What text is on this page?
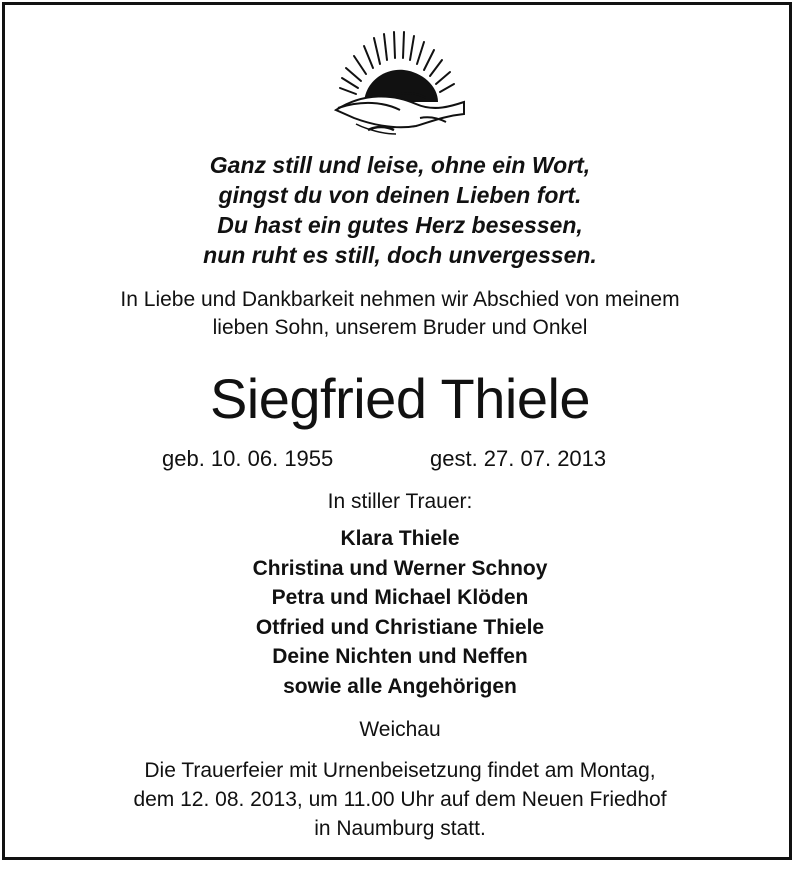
Ganz still und leise, ohne ein Wort,
gingst du von deinen Lieben fort.
Du hast ein gutes Herz besessen,
nun ruht es still, doch unvergessen.
In Liebe und Dankbarkeit nehmen wir Abschied von meinem
lieben Sohn, unserem Bruder und Onkel
Siegfried Thiele
geb. 10. 06. 1955	gest. 27. 07. 2013
In stiller Trauer:
Klara Thiele
Christina und Werner Schnoy
Petra und Michael Klöden
Otfried und Christiane Thiele
Deine Nichten und Neffen
sowie alle Angehörigen
Weichau
Die Trauerfeier mit Urnenbeisetzung findet am Montag,
dem 12. 08. 2013, um 11.00 Uhr auf dem Neuen Friedhof
in Naumburg statt.
